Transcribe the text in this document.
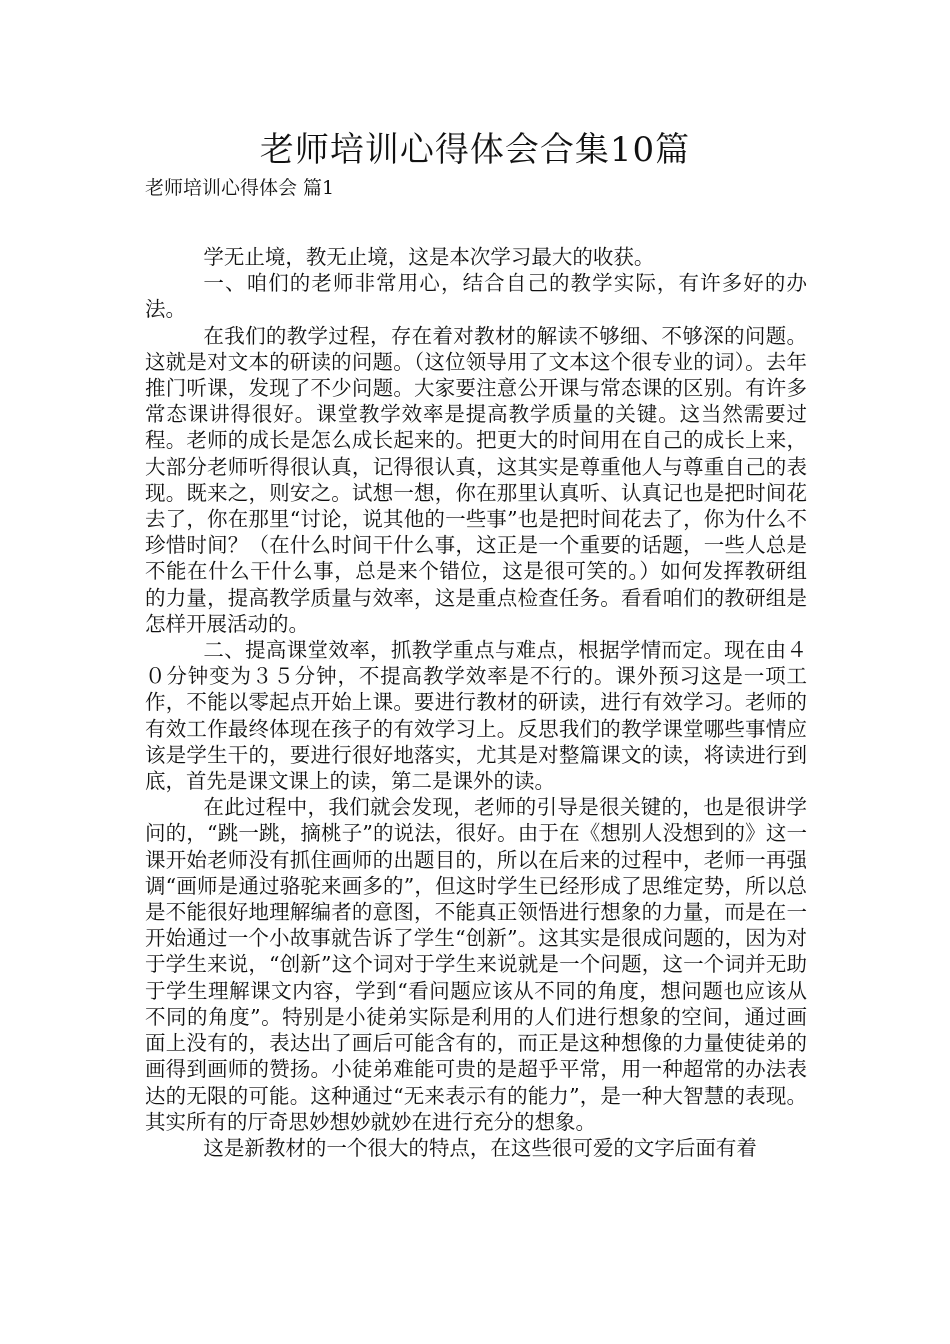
老师培训心得体会合集10篇
老师培训心得体会 篇1

学无止境，教无止境，这是本次学习最大的收获。

一、咱们的老师非常用心，结合自己的教学实际，有许多好的办法。

在我们的教学过程，存在着对教材的解读不够细、不够深的问题。这就是对文本的研读的问题。（这位领导用了文本这个很专业的词）。去年推门听课，发现了不少问题。大家要注意公开课与常态课的区别。有许多常态课讲得很好。课堂教学效率是提高教学质量的关键。这当然需要过程。老师的成长是怎么成长起来的。把更大的时间用在自己的成长上来，大部分老师听得很认真，记得很认真，这其实是尊重他人与尊重自己的表现。既来之，则安之。试想一想，你在那里认真听、认真记也是把时间花去了，你在那里“讨论，说其他的一些事”也是把时间花去了，你为什么不珍惜时间？（在什么时间干什么事，这正是一个重要的话题，一些人总是不能在什么干什么事，总是来个错位，这是很可笑的。）如何发挥教研组的力量，提高教学质量与效率，这是重点检查任务。看看咱们的教研组是怎样开展活动的。

二、提高课堂效率，抓教学重点与难点，根据学情而定。现在由４０分钟变为３５分钟，不提高教学效率是不行的。课外预习这是一项工作，不能以零起点开始上课。要进行教材的研读，进行有效学习。老师的有效工作最终体现在孩子的有效学习上。反思我们的教学课堂哪些事情应该是学生干的，要进行很好地落实，尤其是对整篇课文的读，将读进行到底，首先是课文课上的读，第二是课外的读。

在此过程中，我们就会发现，老师的引导是很关键的，也是很讲学问的，“跳一跳，摘桃子”的说法，很好。由于在《想别人没想到的》这一课开始老师没有抓住画师的出题目的，所以在后来的过程中，老师一再强调“画师是通过骆驼来画多的”，但这时学生已经形成了思维定势，所以总是不能很好地理解编者的意图，不能真正领悟进行想象的力量，而是在一开始通过一个小故事就告诉了学生“创新”。这其实是很成问题的，因为对于学生来说，“创新”这个词对于学生来说就是一个问题，这一个词并无助于学生理解课文内容，学到“看问题应该从不同的角度，想问题也应该从不同的角度”。特别是小徒弟实际是利用的人们进行想象的空间，通过画面上没有的，表达出了画后可能含有的，而正是这种想像的力量使徒弟的画得到画师的赞扬。小徒弟难能可贵的是超乎平常，用一种超常的办法表达的无限的可能。这种通过“无来表示有的能力”，是一种大智慧的表现。其实所有的厅奇思妙想妙就妙在进行充分的想象。

这是新教材的一个很大的特点，在这些很可爱的文字后面有着
